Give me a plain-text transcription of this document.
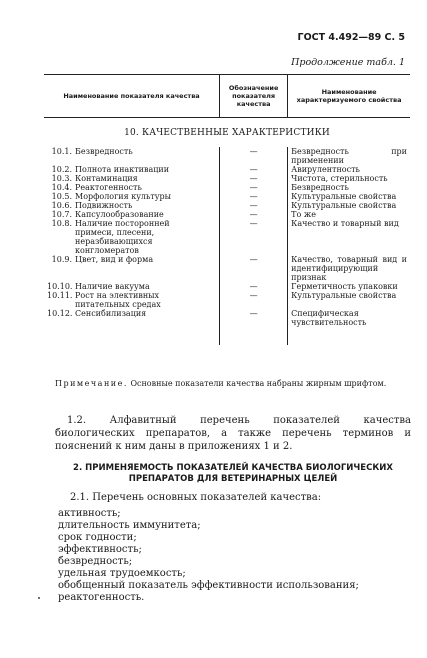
ГОСТ 4.492—89 С. 5
Продолжение табл. 1
Наименование показателя качества	Обозначение показателя качества	Наименование характеризуемого свойства
10. КАЧЕСТВЕННЫЕ ХАРАКТЕРИСТИКИ		
10.1. Безвредность	—	Безвредность при применении
10.2. Полнота инактивации	—	Авирулентность
10.3. Контаминация	—	Чистота, стерильность
10.4. Реактогенность	—	Безвредность
10.5. Морфология культуры	—	Культуральные свойства
10.6. Подвижность	—	Культуральные свойства
10.7. Капсулообразование	—	То же
10.8. Наличие посторонней примеси, плесени, неразбивающихся конгломератов	—	Качество и товарный вид
10.9. Цвет, вид и форма	—	Качество, товарный вид и идентифицирующий признак
10.10. Наличие вакуума	—	Герметичность упаковки
10.11. Рост на элективных питательных средах	—	Культуральные свойства
10.12. Сенсибилизация	—	Специфическая чувствительность
Примечание. Основные показатели качества набраны жирным шрифтом.
1.2. Алфавитный перечень показателей качества биологических препаратов, а также перечень терминов и пояснений к ним даны в приложениях 1 и 2.
2. ПРИМЕНЯЕМОСТЬ ПОКАЗАТЕЛЕЙ КАЧЕСТВА БИОЛОГИЧЕСКИХ ПРЕПАРАТОВ ДЛЯ ВЕТЕРИНАРНЫХ ЦЕЛЕЙ
2.1. Перечень основных показателей качества:
активность;
длительность иммунитета;
срок годности;
эффективность;
безвредность;
удельная трудоемкость;
обобщенный показатель эффективности использования;
реактогенность.
